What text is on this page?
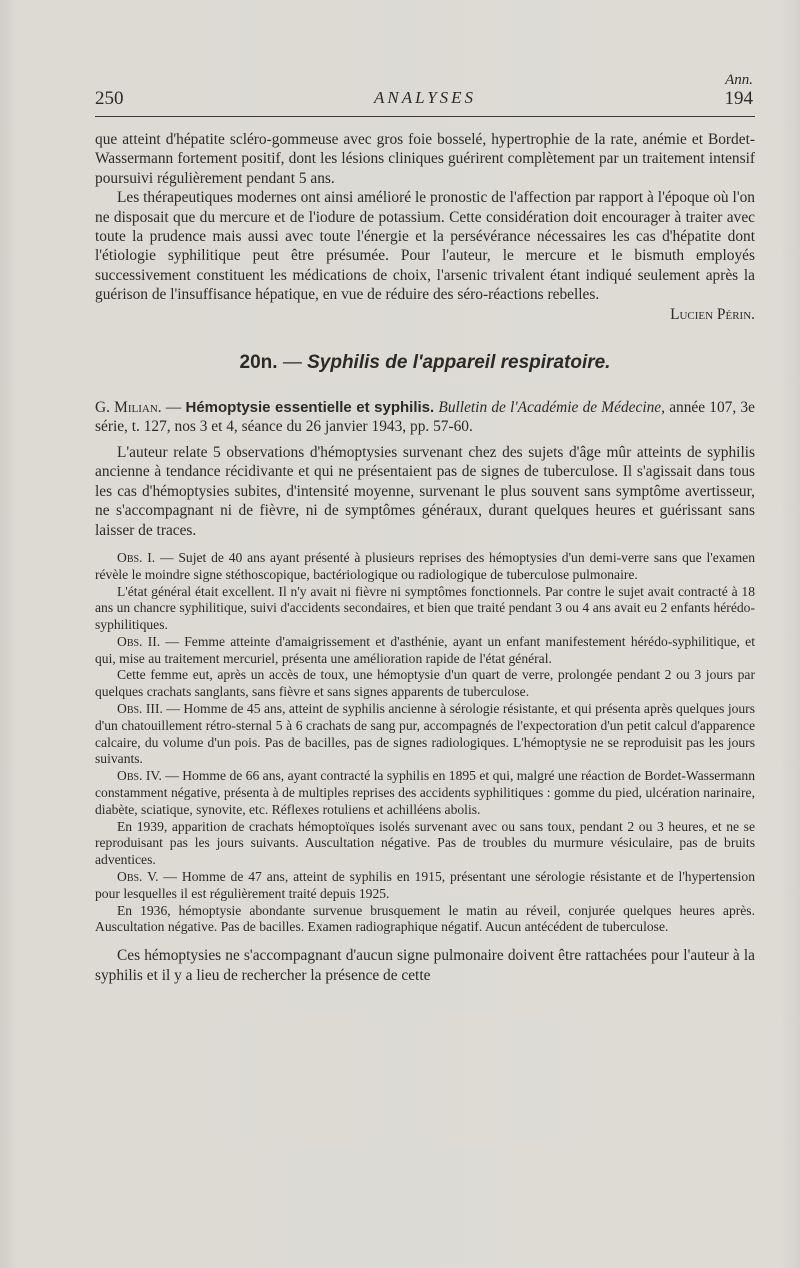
250	ANALYSES
Ann.
194

que atteint d'hépatite scléro-gommeuse avec gros foie bosselé, hypertrophie de la rate, anémie et Bordet-Wassermann fortement positif, dont les lésions cliniques guérirent complètement par un traitement intensif poursuivi régulièrement pendant 5 ans.

Les thérapeutiques modernes ont ainsi amélioré le pronostic de l'affection par rapport à l'époque où l'on ne disposait que du mercure et de l'iodure de potassium. Cette considération doit encourager à traiter avec toute la prudence mais aussi avec toute l'énergie et la persévérance nécessaires les cas d'hépatite dont l'étiologie syphilitique peut être présumée. Pour l'auteur, le mercure et le bismuth employés successivement constituent les médications de choix, l'arsenic trivalent étant indiqué seulement après la guérison de l'insuffisance hépatique, en vue de réduire des séro-réactions rebelles.

Lucien Périn.

20n. — Syphilis de l'appareil respiratoire.

G. Milian. — Hémoptysie essentielle et syphilis. Bulletin de l'Académie de Médecine, année 107, 3e série, t. 127, nos 3 et 4, séance du 26 janvier 1943, pp. 57-60.

L'auteur relate 5 observations d'hémoptysies survenant chez des sujets d'âge mûr atteints de syphilis ancienne à tendance récidivante et qui ne présentaient pas de signes de tuberculose. Il s'agissait dans tous les cas d'hémoptysies subites, d'intensité moyenne, survenant le plus souvent sans symptôme avertisseur, ne s'accompagnant ni de fièvre, ni de symptômes généraux, durant quelques heures et guérissant sans laisser de traces.

Obs. I. — Sujet de 40 ans ayant présenté à plusieurs reprises des hémoptysies d'un demi-verre sans que l'examen révèle le moindre signe stéthoscopique, bactériologique ou radiologique de tuberculose pulmonaire.

L'état général était excellent. Il n'y avait ni fièvre ni symptômes fonctionnels. Par contre le sujet avait contracté à 18 ans un chancre syphilitique, suivi d'accidents secondaires, et bien que traité pendant 3 ou 4 ans avait eu 2 enfants hérédo-syphilitiques.

Obs. II. — Femme atteinte d'amaigrissement et d'asthénie, ayant un enfant manifestement hérédo-syphilitique, et qui, mise au traitement mercuriel, présenta une amélioration rapide de l'état général.

Cette femme eut, après un accès de toux, une hémoptysie d'un quart de verre, prolongée pendant 2 ou 3 jours par quelques crachats sanglants, sans fièvre et sans signes apparents de tuberculose.

Obs. III. — Homme de 45 ans, atteint de syphilis ancienne à sérologie résistante, et qui présenta après quelques jours d'un chatouillement rétro-sternal 5 à 6 crachats de sang pur, accompagnés de l'expectoration d'un petit calcul d'apparence calcaire, du volume d'un pois. Pas de bacilles, pas de signes radiologiques. L'hémoptysie ne se reproduisit pas les jours suivants.

Obs. IV. — Homme de 66 ans, ayant contracté la syphilis en 1895 et qui, malgré une réaction de Bordet-Wassermann constamment négative, présenta à de multiples reprises des accidents syphilitiques : gomme du pied, ulcération narinaire, diabète, sciatique, synovite, etc. Réflexes rotuliens et achilléens abolis.

En 1939, apparition de crachats hémoptoïques isolés survenant avec ou sans toux, pendant 2 ou 3 heures, et ne se reproduisant pas les jours suivants. Auscultation négative. Pas de troubles du murmure vésiculaire, pas de bruits adventices.

Obs. V. — Homme de 47 ans, atteint de syphilis en 1915, présentant une sérologie résistante et de l'hypertension pour lesquelles il est régulièrement traité depuis 1925.

En 1936, hémoptysie abondante survenue brusquement le matin au réveil, conjurée quelques heures après. Auscultation négative. Pas de bacilles. Examen radiographique négatif. Aucun antécédent de tuberculose.

Ces hémoptysies ne s'accompagnant d'aucun signe pulmonaire doivent être rattachées pour l'auteur à la syphilis et il y a lieu de rechercher la présence de cette
